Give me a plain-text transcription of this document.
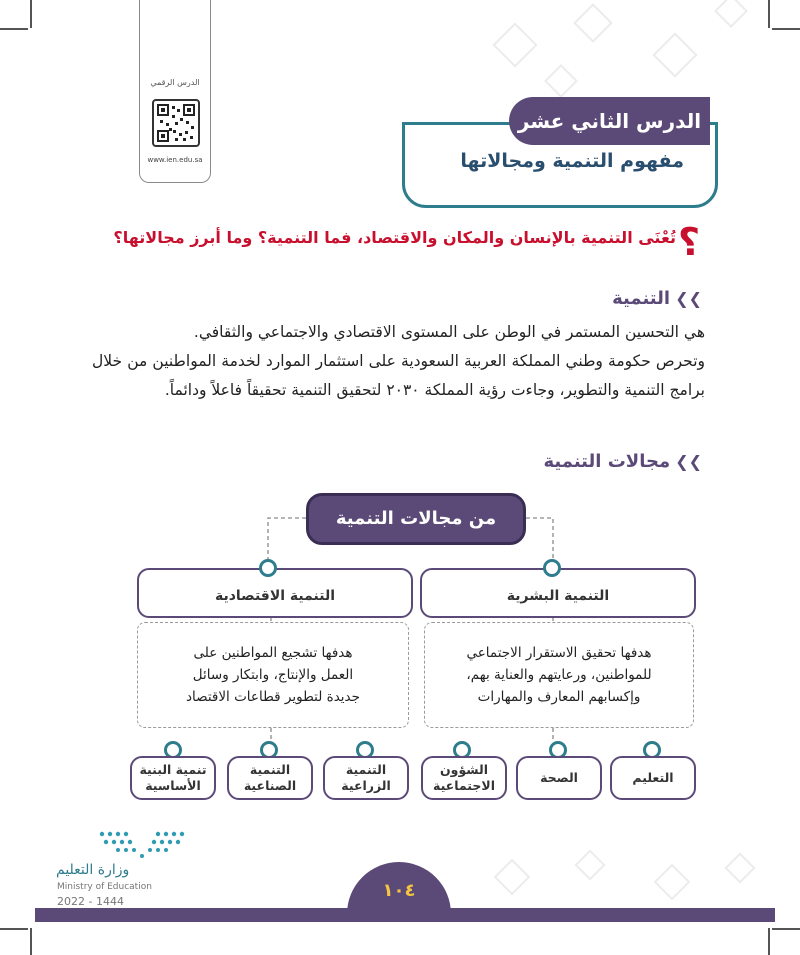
الدرس الرقمي
www.ien.edu.sa
الدرس الثاني عشر
مفهوم التنمية ومجالاتها
؟
تُعْنَى التنمية بالإنسان والمكان والاقتصاد، فما التنمية؟ وما أبرز مجالاتها؟
❯❯ التنمية
هي التحسين المستمر في الوطن على المستوى الاقتصادي والاجتماعي والثقافي.
وتحرص حكومة وطني المملكة العربية السعودية على استثمار الموارد لخدمة المواطنين من خلال برامج التنمية والتطوير، وجاءت رؤية المملكة ٢٠٣٠ لتحقيق التنمية تحقيقاً فاعلاً ودائماً.
❯❯ مجالات التنمية
من مجالات التنمية
التنمية الاقتصادية	التنمية البشرية
هدفها تشجيع المواطنين على العمل والإنتاج، وابتكار وسائل جديدة لتطوير قطاعات الاقتصاد
هدفها تحقيق الاستقرار الاجتماعي للمواطنين، ورعايتهم والعناية بهم، وإكسابهم المعارف والمهارات
تنمية البنية
الأساسية
التنمية
الصناعية
التنمية
الزراعية
الشؤون
الاجتماعية
الصحة	التعليم
وزارة التعليم
Ministry of Education
2022 - 1444
١٠٤
